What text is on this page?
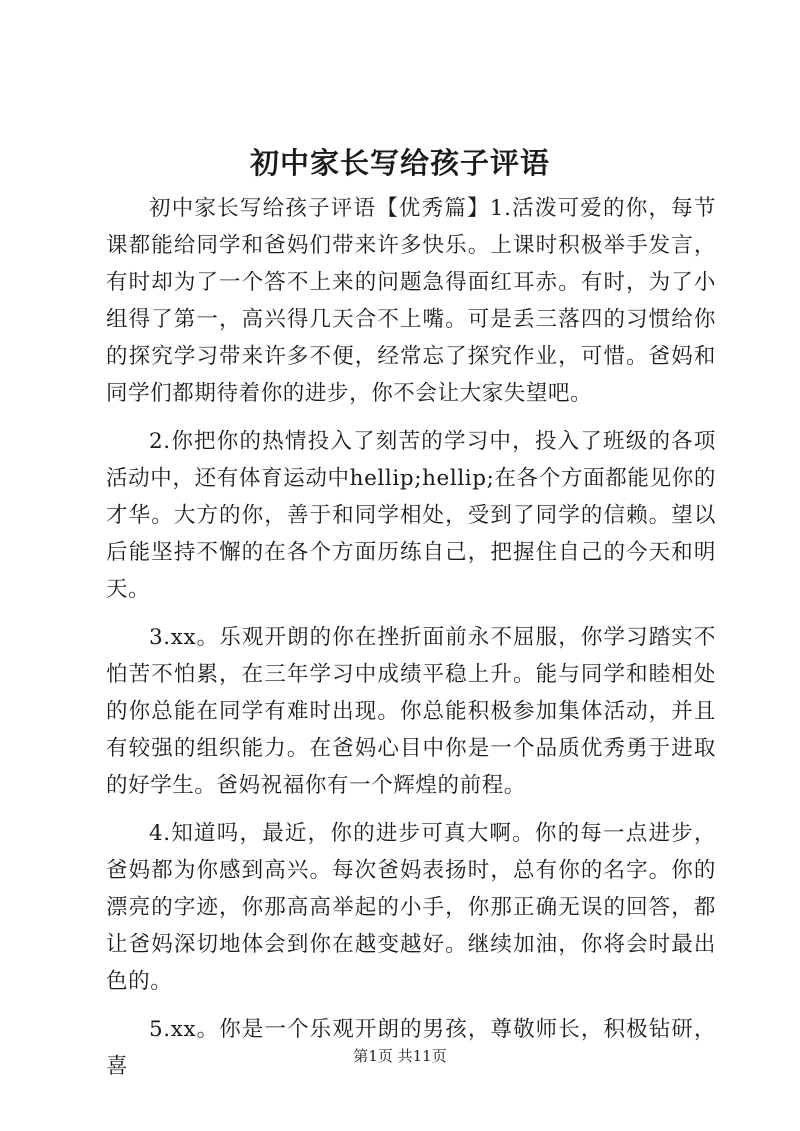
初中家长写给孩子评语

初中家长写给孩子评语【优秀篇】1.活泼可爱的你，每节课都能给同学和爸妈们带来许多快乐。上课时积极举手发言，有时却为了一个答不上来的问题急得面红耳赤。有时，为了小组得了第一，高兴得几天合不上嘴。可是丢三落四的习惯给你的探究学习带来许多不便，经常忘了探究作业，可惜。爸妈和同学们都期待着你的进步，你不会让大家失望吧。

2.你把你的热情投入了刻苦的学习中，投入了班级的各项活动中，还有体育运动中hellip;hellip;在各个方面都能见你的才华。大方的你，善于和同学相处，受到了同学的信赖。望以后能坚持不懈的在各个方面历练自己，把握住自己的今天和明天。

3.xx。乐观开朗的你在挫折面前永不屈服，你学习踏实不怕苦不怕累，在三年学习中成绩平稳上升。能与同学和睦相处的你总能在同学有难时出现。你总能积极参加集体活动，并且有较强的组织能力。在爸妈心目中你是一个品质优秀勇于进取的好学生。爸妈祝福你有一个辉煌的前程。

4.知道吗，最近，你的进步可真大啊。你的每一点进步，爸妈都为你感到高兴。每次爸妈表扬时，总有你的名字。你的漂亮的字迹，你那高高举起的小手，你那正确无误的回答，都让爸妈深切地体会到你在越变越好。继续加油，你将会时最出色的。

5.xx。你是一个乐观开朗的男孩，尊敬师长，积极钻研，喜	第1页 共11页
